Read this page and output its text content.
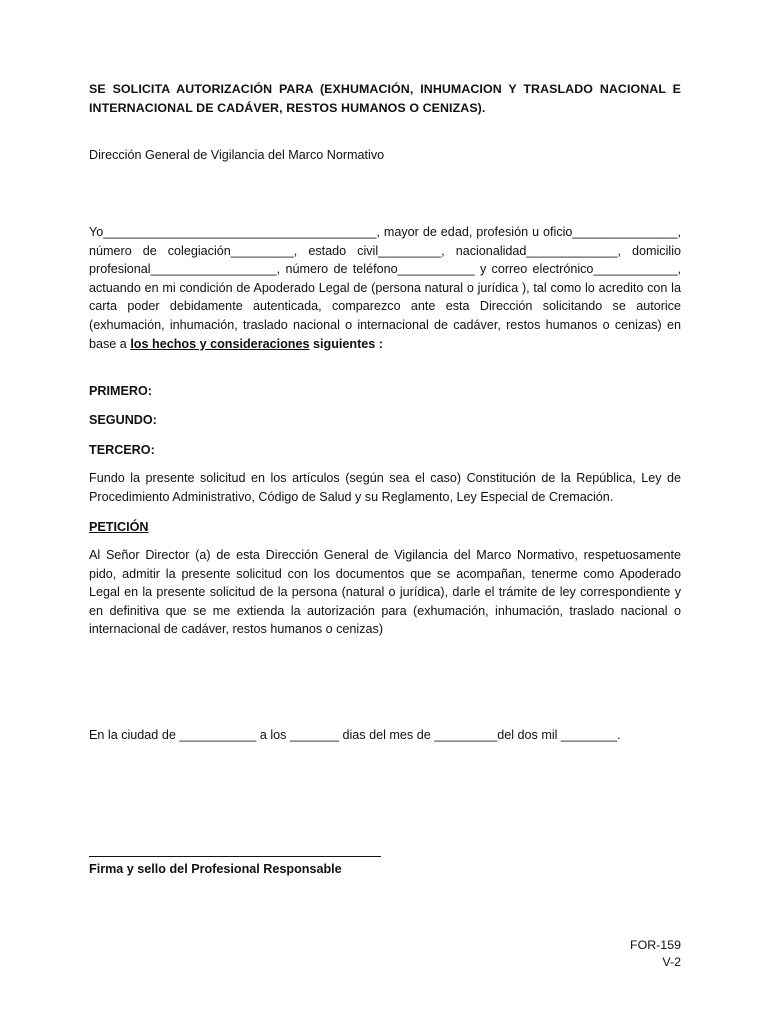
SE SOLICITA AUTORIZACIÓN PARA (EXHUMACIÓN, INHUMACION Y TRASLADO NACIONAL E INTERNACIONAL DE CADÁVER, RESTOS HUMANOS O CENIZAS).
Dirección General de Vigilancia del Marco Normativo
Yo_______________________________________, mayor de edad, profesión u oficio_______________, número de colegiación_________, estado civil_________, nacionalidad_____________, domicilio profesional__________________, número de teléfono___________ y correo electrónico____________, actuando en mi condición de Apoderado Legal de (persona natural o jurídica ), tal como lo acredito con la carta poder debidamente autenticada, comparezco ante esta Dirección solicitando se autorice (exhumación, inhumación, traslado nacional o internacional de cadáver, restos humanos o cenizas) en base a los hechos y consideraciones siguientes :
PRIMERO:
SEGUNDO:
TERCERO:
Fundo la presente solicitud en los artículos (según sea el caso) Constitución de la República, Ley de Procedimiento Administrativo, Código de Salud y su Reglamento, Ley Especial de Cremación.
PETICIÓN
Al Señor Director (a) de esta Dirección General de Vigilancia del Marco Normativo, respetuosamente pido, admitir la presente solicitud con los documentos que se acompañan, tenerme como Apoderado Legal en la presente solicitud de la persona (natural o jurídica), darle el trámite de ley correspondiente y en definitiva que se me extienda la autorización para (exhumación, inhumación, traslado nacional o internacional de cadáver, restos humanos o cenizas)
En la ciudad de ___________ a los _______ dias del mes de _________del dos mil ________.
Firma y sello del Profesional Responsable
FOR-159
V-2
